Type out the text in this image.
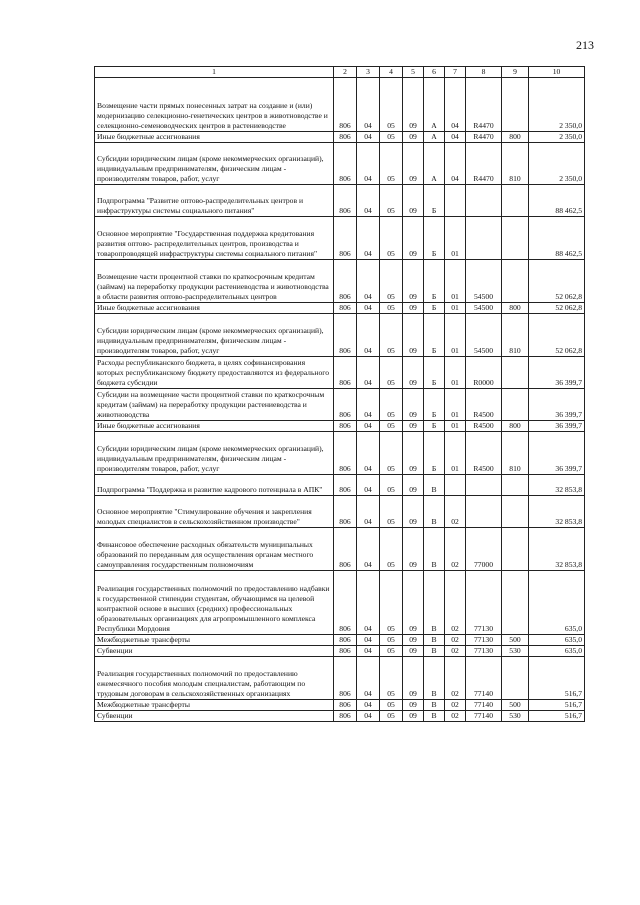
213
1	2	3	4	5	6	7	8	9	10
Возмещение части прямых понесенных затрат на создание и (или) модернизацию селекционно-генетических центров в животноводстве и селекционно-семеноводческих центров в растениеводстве	806	04	05	09	А	04	R4470		2 350,0
Иные бюджетные ассигнования	806	04	05	09	А	04	R4470	800	2 350,0
Субсидии юридическим лицам (кроме некоммерческих организаций), индивидуальным предпринимателям, физическим лицам - производителям товаров, работ, услуг	806	04	05	09	А	04	R4470	810	2 350,0
Подпрограмма "Развитие оптово-распределительных центров и инфраструктуры системы социального питания"	806	04	05	09	Б				88 462,5
Основное мероприятие "Государственная поддержка кредитования развития оптово- распределительных центров, производства и товаропроводящей инфраструктуры системы социального питания"	806	04	05	09	Б	01			88 462,5
Возмещение части процентной ставки по краткосрочным кредитам (займам) на переработку продукции растениеводства и животноводства в области развития оптово-распределительных центров	806	04	05	09	Б	01	54500		52 062,8
Иные бюджетные ассигнования	806	04	05	09	Б	01	54500	800	52 062,8
Субсидии юридическим лицам (кроме некоммерческих организаций), индивидуальным предпринимателям, физическим лицам - производителям товаров, работ, услуг	806	04	05	09	Б	01	54500	810	52 062,8
Расходы республиканского бюджета, в целях софинансирования которых республиканскому бюджету предоставляются из федерального бюджета субсидии	806	04	05	09	Б	01	R0000		36 399,7
Субсидии на возмещение части процентной ставки по краткосрочным кредитам (займам) на переработку продукции растениеводства и животноводства	806	04	05	09	Б	01	R4500		36 399,7
Иные бюджетные ассигнования	806	04	05	09	Б	01	R4500	800	36 399,7
Субсидии юридическим лицам (кроме некоммерческих организаций), индивидуальным предпринимателям, физическим лицам - производителям товаров, работ, услуг	806	04	05	09	Б	01	R4500	810	36 399,7
Подпрограмма "Поддержка и развитие кадрового потенциала в АПК"	806	04	05	09	В				32 853,8
Основное мероприятие "Стимулирование обучения и закрепления молодых специалистов в сельскохозяйственном производстве"	806	04	05	09	В	02			32 853,8
Финансовое обеспечение расходных обязательств муниципальных образований по переданным для осуществления органам местного самоуправления государственным полномочиям	806	04	05	09	В	02	77000		32 853,8
Реализация государственных полномочий по предоставлению надбавки к государственной стипендии студентам, обучающимся на целевой контрактной основе в высших (средних) профессиональных образовательных организациях для агропромышленного комплекса Республики Мордовия	806	04	05	09	В	02	77130		635,0
Межбюджетные трансферты	806	04	05	09	В	02	77130	500	635,0
Субвенции	806	04	05	09	В	02	77130	530	635,0
Реализация государственных полномочий по предоставлению ежемесячного пособия молодым специалистам, работающим по трудовым договорам в сельскохозяйственных организациях	806	04	05	09	В	02	77140		516,7
Межбюджетные трансферты	806	04	05	09	В	02	77140	500	516,7
Субвенции	806	04	05	09	В	02	77140	530	516,7
